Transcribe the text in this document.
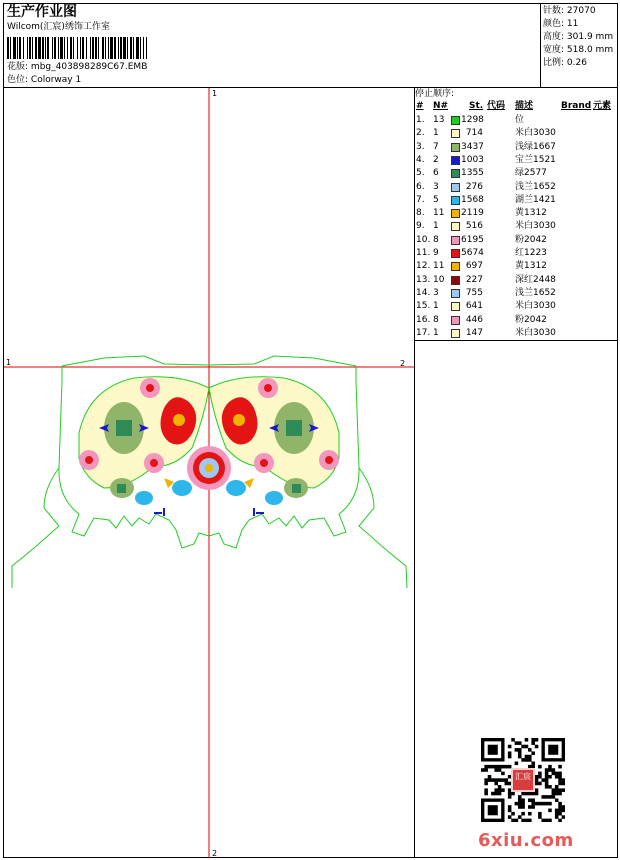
生产作业图
Wilcom(汇宸)绣饰工作室
花版: mbg_403898289C67.EMB
色位: Colorway 1
针数: 27070
颜色: 11
高度: 301.9 mm
宽度: 518.0 mm
比例: 0.26
停止顺序:
# N# St. 代码 描述	Brand 元素
1. 13 1298	位
2. 1	714	米白3030
3. 7 3437	浅绿1667
4. 2 1003	宝兰1521
5. 6 1355	绿2577
6. 3	276	浅兰1652
7. 5 1568	湖兰1421
8. 11 2119	黄1312
9. 1	516	米白3030
10. 8 6195	粉2042
11. 9 5674	红1223
12. 11	697	黄1312
13. 10	227	深红2448
14. 3	755	浅兰1652
15. 1	641	米白3030
16. 8	446	粉2042
17. 1	147	米白3030
1
2
1	2
汇宸
6xiu.com
